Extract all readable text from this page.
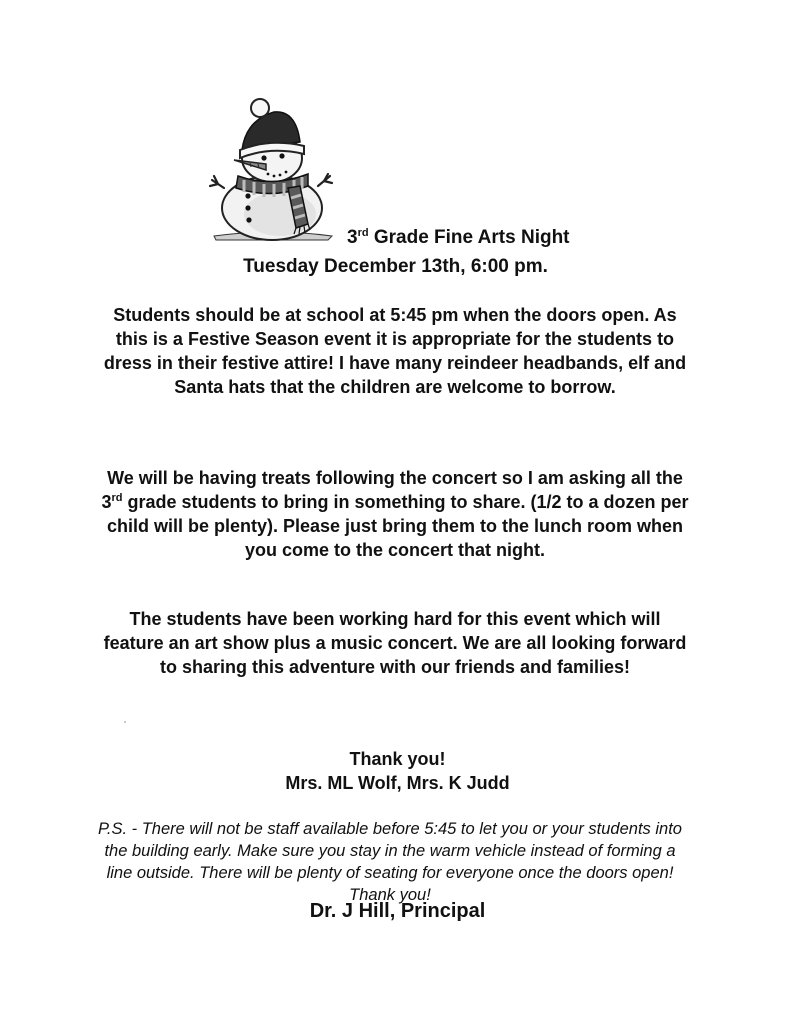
3rd Grade Fine Arts Night
Tuesday December 13th, 6:00 pm.
Students should be at school at 5:45 pm when the doors open. As this is a Festive Season event it is appropriate for the students to dress in their festive attire! I have many reindeer headbands, elf and Santa hats that the children are welcome to borrow.
We will be having treats following the concert so I am asking all the 3rd grade students to bring in something to share. (1/2 to a dozen per child will be plenty). Please just bring them to the lunch room when you come to the concert that night.
The students have been working hard for this event which will feature an art show plus a music concert. We are all looking forward to sharing this adventure with our friends and families!
Thank you!
Mrs. ML Wolf, Mrs. K Judd
P.S. - There will not be staff available before 5:45 to let you or your students into the building early. Make sure you stay in the warm vehicle instead of forming a line outside. There will be plenty of seating for everyone once the doors open! Thank you!
Dr. J Hill, Principal
